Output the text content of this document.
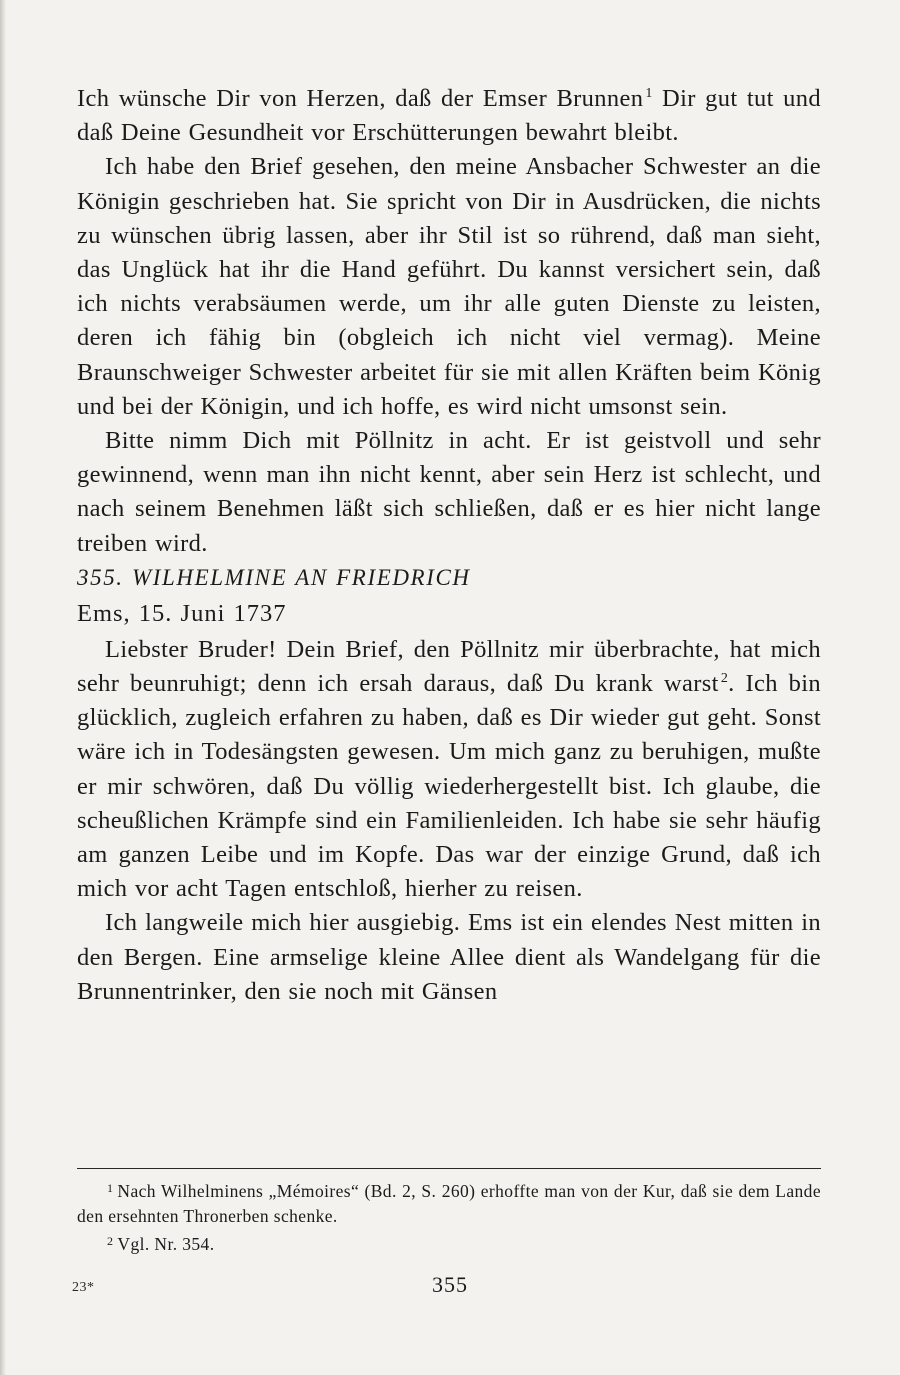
Ich wünsche Dir von Herzen, daß der Emser Brunnen $^1$ Dir gut tut und daß Deine Gesundheit vor Erschütterungen bewahrt bleibt.

Ich habe den Brief gesehen, den meine Ansbacher Schwester an die Königin geschrieben hat. Sie spricht von Dir in Ausdrücken, die nichts zu wünschen übrig lassen, aber ihr Stil ist so rührend, daß man sieht, das Unglück hat ihr die Hand geführt. Du kannst versichert sein, daß ich nichts verabsäumen werde, um ihr alle guten Dienste zu leisten, deren ich fähig bin (obgleich ich nicht viel vermag). Meine Braunschweiger Schwester arbeitet für sie mit allen Kräften beim König und bei der Königin, und ich hoffe, es wird nicht umsonst sein.

Bitte nimm Dich mit Pöllnitz in acht. Er ist geistvoll und sehr gewinnend, wenn man ihn nicht kennt, aber sein Herz ist schlecht, und nach seinem Benehmen läßt sich schließen, daß er es hier nicht lange treiben wird.

355. WILHELMINE AN FRIEDRICH

Ems, 15. Juni 1737

Liebster Bruder! Dein Brief, den Pöllnitz mir überbrachte, hat mich sehr beunruhigt; denn ich ersah daraus, daß Du krank warst $^2$. Ich bin glücklich, zugleich erfahren zu haben, daß es Dir wieder gut geht. Sonst wäre ich in Todesängsten gewesen. Um mich ganz zu beruhigen, mußte er mir schwören, daß Du völlig wiederhergestellt bist. Ich glaube, die scheußlichen Krämpfe sind ein Familienleiden. Ich habe sie sehr häufig am ganzen Leibe und im Kopfe. Das war der einzige Grund, daß ich mich vor acht Tagen entschloß, hierher zu reisen.

Ich langweile mich hier ausgiebig. Ems ist ein elendes Nest mitten in den Bergen. Eine armselige kleine Allee dient als Wandelgang für die Brunnentrinker, den sie noch mit Gänsen

$^1$ Nach Wilhelminens „Mémoires“ (Bd. 2, S. 260) erhoffte man von der Kur, daß sie dem Lande den ersehnten Thronerben schenke.

$^2$ Vgl. Nr. 354.

23*	355
